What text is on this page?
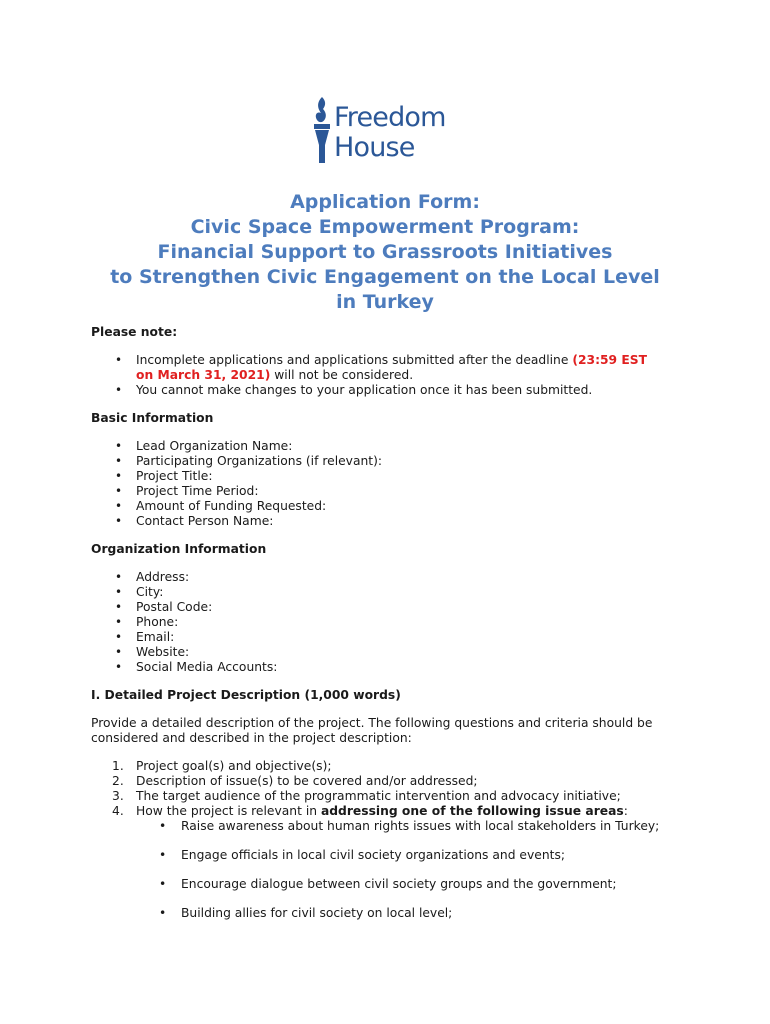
Freedom
House
Application Form:
Civic Space Empowerment Program:
Financial Support to Grassroots Initiatives
to Strengthen Civic Engagement on the Local Level
in Turkey

Please note:

• Incomplete applications and applications submitted after the deadline (23:59 EST
on March 31, 2021) will not be considered.
• You cannot make changes to your application once it has been submitted.

Basic Information

• Lead Organization Name:
• Participating Organizations (if relevant):
• Project Title:
• Project Time Period:
• Amount of Funding Requested:
• Contact Person Name:

Organization Information

• Address:
• City:
• Postal Code:
• Phone:
• Email:
• Website:
• Social Media Accounts:

I. Detailed Project Description (1,000 words)

Provide a detailed description of the project. The following questions and criteria should be
considered and described in the project description:

1. Project goal(s) and objective(s);
2. Description of issue(s) to be covered and/or addressed;
3. The target audience of the programmatic intervention and advocacy initiative;
4. How the project is relevant in addressing one of the following issue areas:
• Raise awareness about human rights issues with local stakeholders in Turkey;
• Engage officials in local civil society organizations and events;
• Encourage dialogue between civil society groups and the government;
• Building allies for civil society on local level;
